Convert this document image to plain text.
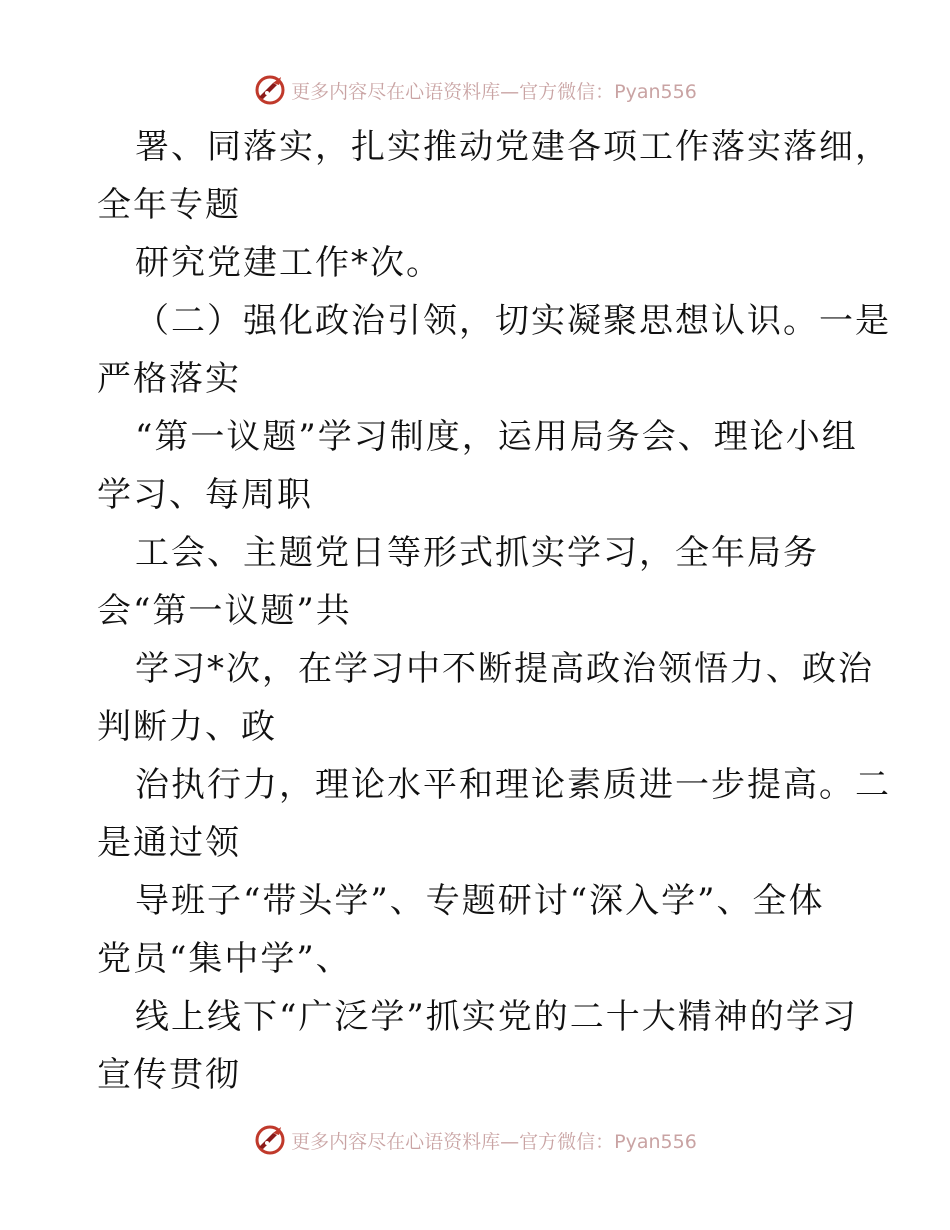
更多内容尽在心语资料库—官方微信：Pyan556
署、同落实，扎实推动党建各项工作落实落细，
全年专题
研究党建工作*次。
（二）强化政治引领，切实凝聚思想认识。一是
严格落实
“第一议题”学习制度，运用局务会、理论小组
学习、每周职
工会、主题党日等形式抓实学习，全年局务
会“第一议题”共
学习*次，在学习中不断提高政治领悟力、政治
判断力、政
治执行力，理论水平和理论素质进一步提高。二
是通过领
导班子“带头学”、专题研讨“深入学”、全体
党员“集中学”、
线上线下“广泛学”抓实党的二十大精神的学习
宣传贯彻
更多内容尽在心语资料库—官方微信：Pyan556
